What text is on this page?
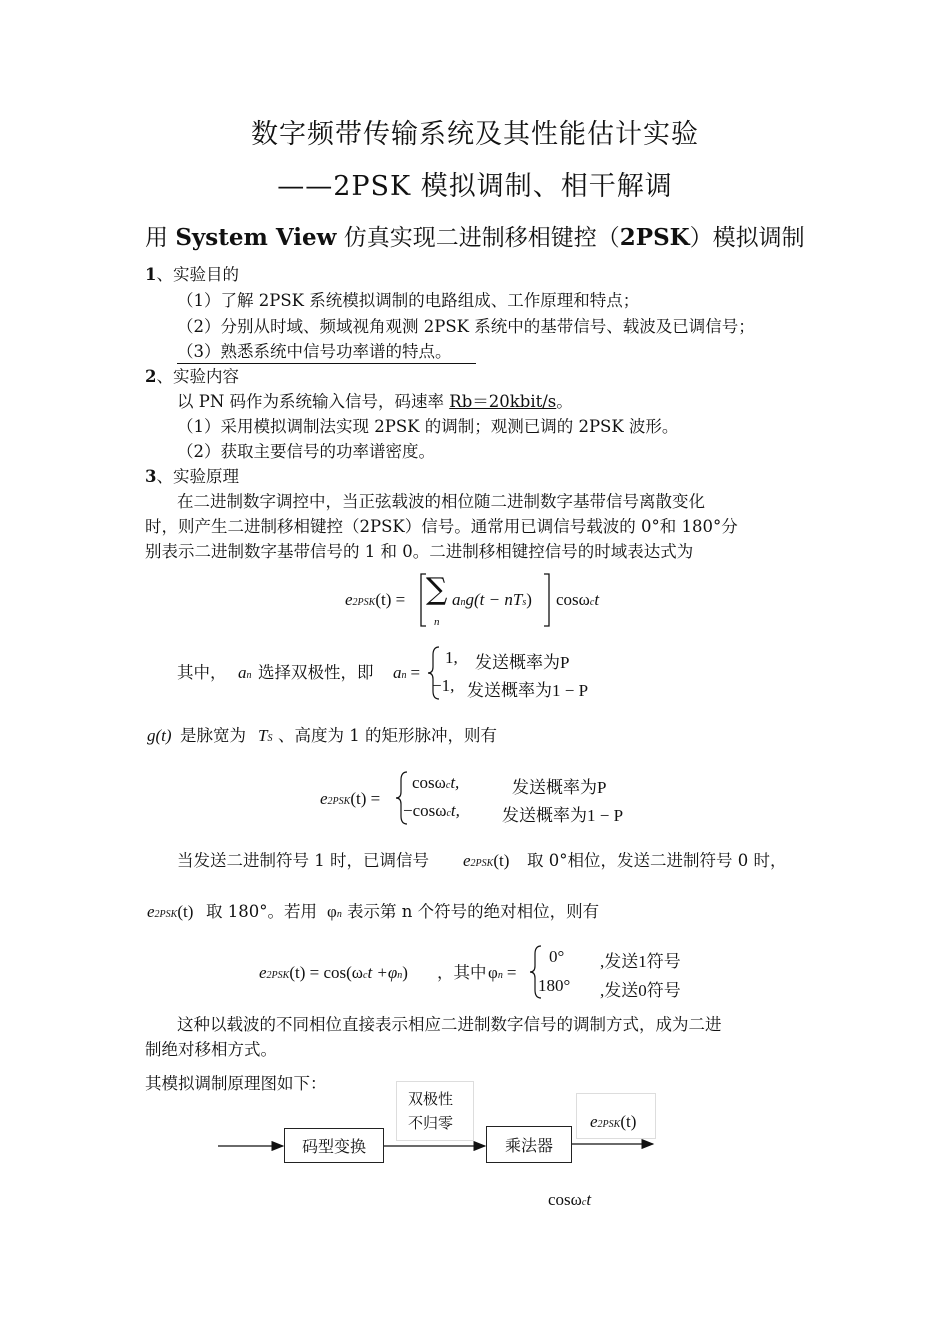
数字频带传输系统及其性能估计实验
——2PSK 模拟调制、相干解调
用 System View 仿真实现二进制移相键控（2PSK）模拟调制
1、实验目的
（1）了解 2PSK 系统模拟调制的电路组成、工作原理和特点；
（2）分别从时域、频域视角观测 2PSK 系统中的基带信号、载波及已调信号；
（3）熟悉系统中信号功率谱的特点。
2、实验内容
以 PN 码作为系统输入信号，码速率 Rb＝20kbit/s。
（1）采用模拟调制法实现 2PSK 的调制；观测已调的 2PSK 波形。
（2）获取主要信号的功率谱密度。
3、实验原理
在二进制数字调控中，当正弦载波的相位随二进制数字基带信号离散变化
时，则产生二进制移相键控（2PSK）信号。通常用已调信号载波的 0°和 180°分
别表示二进制数字基带信号的 1 和 0。二进制移相键控信号的时域表达式为
e2PSK(t) = ∑
n
ang(t − nTs) cosωct
其中， an 选择双极性，即 an =
1, 发送概率为P
−1, 发送概率为1 − P
g(t) 是脉宽为 TS 、高度为 1 的矩形脉冲，则有
e2PSK(t) =
cosωct,	发送概率为P
−cosωct, 发送概率为1 − P
当发送二进制符号 1 时，已调信号 e2PSK(t) 取 0°相位，发送二进制符号 0 时，
e2PSK(t) 取 180°。若用 φn 表示第 n 个符号的绝对相位，则有
e2PSK(t) = cos(ωct +φn) ，其中 φn =
0° ,发送1符号
180° ,发送0符号
这种以载波的不同相位直接表示相应二进制数字信号的调制方式，成为二进
制绝对移相方式。
其模拟调制原理图如下：
双极性
不归零	e2PSK(t)
码型变换	乘法器
cosωct
